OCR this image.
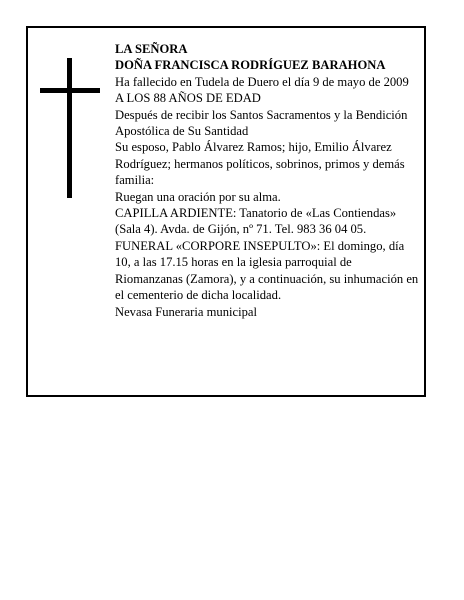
LA SEÑORA

DOÑA FRANCISCA RODRÍGUEZ BARAHONA

Ha fallecido en Tudela de Duero el día 9 de mayo de 2009

A LOS 88 AÑOS DE EDAD

Después de recibir los Santos Sacramentos y la Bendición Apostólica de Su Santidad

Su esposo, Pablo Álvarez Ramos; hijo, Emilio Álvarez Rodríguez; hermanos políticos, sobrinos, primos y demás familia:

Ruegan una oración por su alma.

CAPILLA ARDIENTE: Tanatorio de «Las Contiendas» (Sala 4). Avda. de Gijón, nº 71. Tel. 983 36 04 05.

FUNERAL «CORPORE INSEPULTO»: El domingo, día 10, a las 17.15 horas en la iglesia parroquial de Riomanzanas (Zamora), y a continuación, su inhumación en el cementerio de dicha localidad.

Nevasa Funeraria municipal
